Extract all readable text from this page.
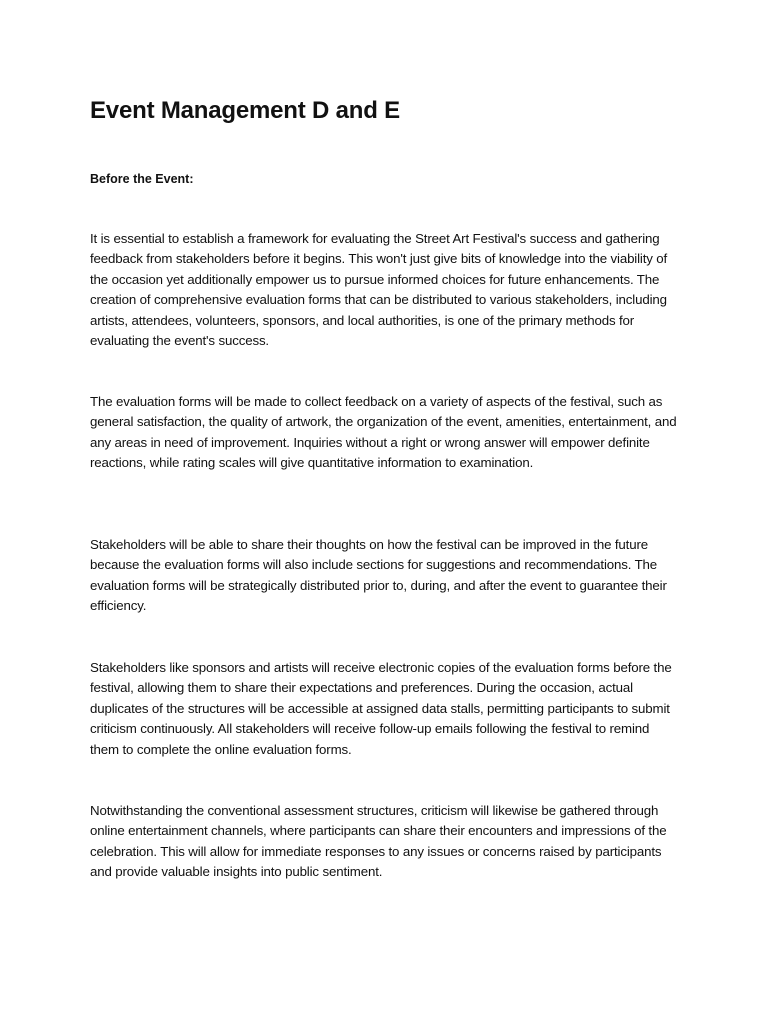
Event Management D and E

Before the Event:

It is essential to establish a framework for evaluating the Street Art Festival's success and gathering feedback from stakeholders before it begins. This won't just give bits of knowledge into the viability of the occasion yet additionally empower us to pursue informed choices for future enhancements. The creation of comprehensive evaluation forms that can be distributed to various stakeholders, including artists, attendees, volunteers, sponsors, and local authorities, is one of the primary methods for evaluating the event's success.

The evaluation forms will be made to collect feedback on a variety of aspects of the festival, such as general satisfaction, the quality of artwork, the organization of the event, amenities, entertainment, and any areas in need of improvement. Inquiries without a right or wrong answer will empower definite reactions, while rating scales will give quantitative information to examination.

Stakeholders will be able to share their thoughts on how the festival can be improved in the future because the evaluation forms will also include sections for suggestions and recommendations. The evaluation forms will be strategically distributed prior to, during, and after the event to guarantee their efficiency.

Stakeholders like sponsors and artists will receive electronic copies of the evaluation forms before the festival, allowing them to share their expectations and preferences. During the occasion, actual duplicates of the structures will be accessible at assigned data stalls, permitting participants to submit criticism continuously. All stakeholders will receive follow-up emails following the festival to remind them to complete the online evaluation forms.

Notwithstanding the conventional assessment structures, criticism will likewise be gathered through online entertainment channels, where participants can share their encounters and impressions of the celebration. This will allow for immediate responses to any issues or concerns raised by participants and provide valuable insights into public sentiment.
